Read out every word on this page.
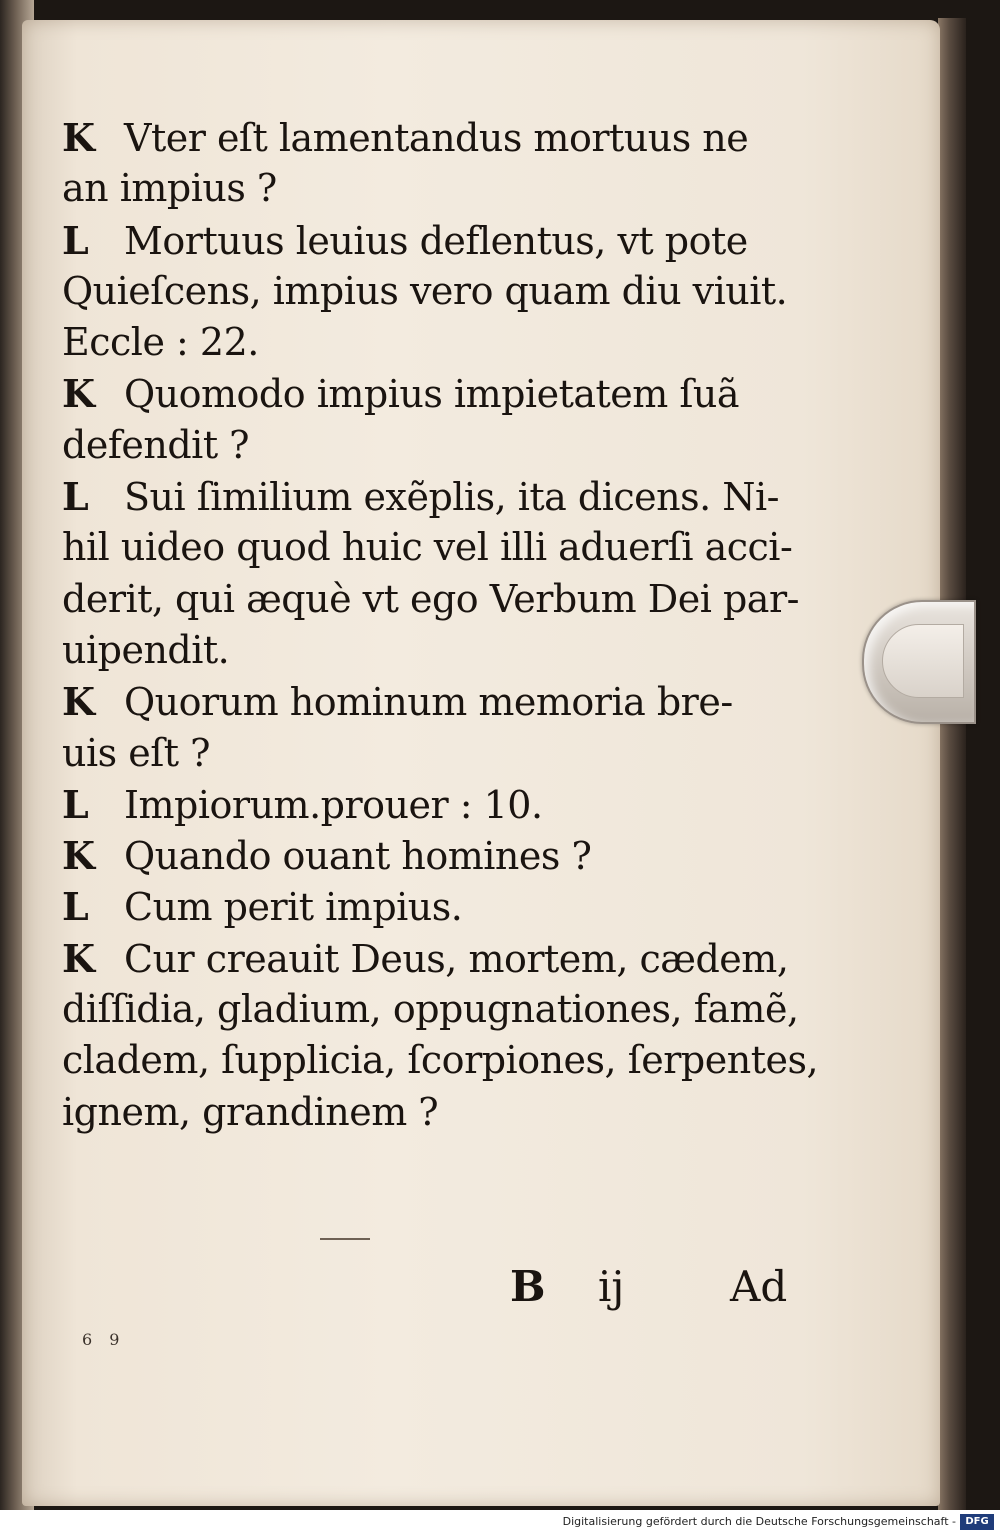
K Vter eſt lamentandus mortuus ne
an impius ?
L Mortuus leuius deflentus, vt pote
Quieſcens, impius vero quam diu viuit.
Eccle : 22.
K Quomodo impius impietatem ſuã
defendit ?
L Sui ſimilium exẽplis, ita dicens. Ni-
hil uideo quod huic vel illi aduerſi acci-
derit, qui æquè vt ego Verbum Dei par-
uipendit.
K Quorum hominum memoria bre-
uis eſt ?
L Impiorum.prouer : 10.
K Quando ouant homines ?
L Cum perit impius.
K Cur creauit Deus, mortem, cædem,
diſſidia, gladium, oppugnationes, famẽ,
cladem, ſupplicia, ſcorpiones, ſerpentes,
ignem, grandinem ?
B ij	Ad
6 9
Digitalisierung gefördert durch die Deutsche Forschungsgemeinschaft - DFG
